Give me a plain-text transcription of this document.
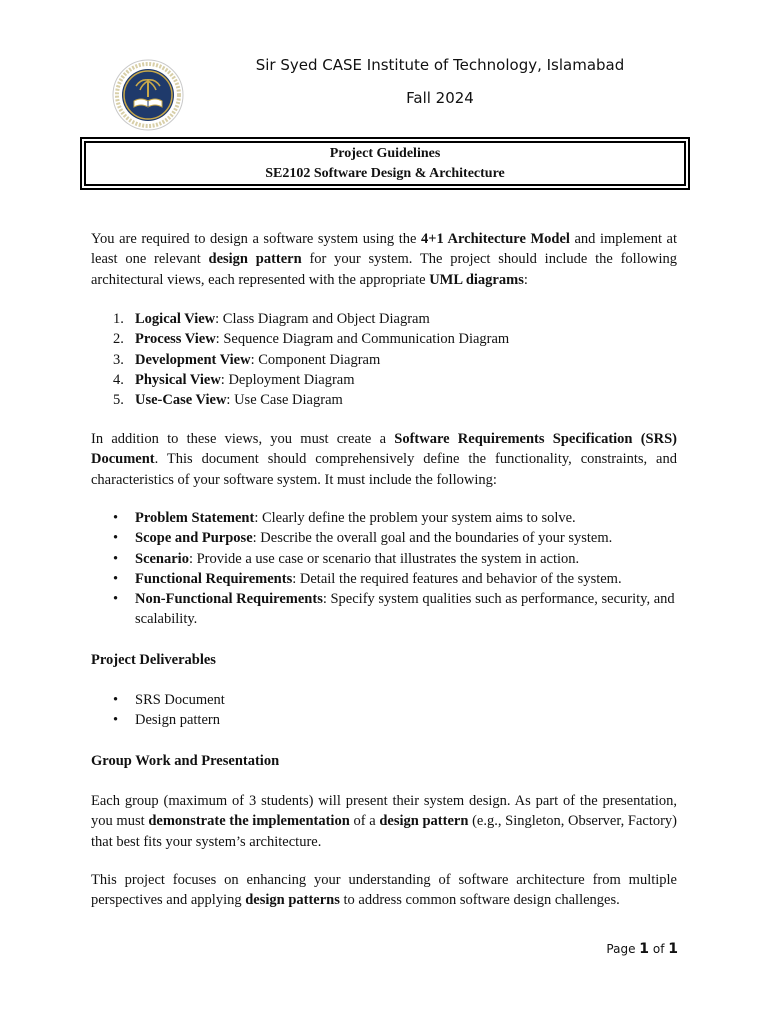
Sir Syed CASE Institute of Technology, Islamabad
Fall 2024
Project Guidelines
SE2102 Software Design & Architecture

You are required to design a software system using the 4+1 Architecture Model and implement at least one relevant design pattern for your system. The project should include the following architectural views, each represented with the appropriate UML diagrams:

1. Logical View: Class Diagram and Object Diagram
2. Process View: Sequence Diagram and Communication Diagram
3. Development View: Component Diagram
4. Physical View: Deployment Diagram
5. Use-Case View: Use Case Diagram

In addition to these views, you must create a Software Requirements Specification (SRS) Document. This document should comprehensively define the functionality, constraints, and characteristics of your software system. It must include the following:

• Problem Statement: Clearly define the problem your system aims to solve.
• Scope and Purpose: Describe the overall goal and the boundaries of your system.
• Scenario: Provide a use case or scenario that illustrates the system in action.
• Functional Requirements: Detail the required features and behavior of the system.
• Non-Functional Requirements: Specify system qualities such as performance, security, and scalability.
Project Deliverables
• SRS Document
• Design pattern
Group Work and Presentation

Each group (maximum of 3 students) will present their system design. As part of the presentation, you must demonstrate the implementation of a design pattern (e.g., Singleton, Observer, Factory) that best fits your system’s architecture.

This project focuses on enhancing your understanding of software architecture from multiple perspectives and applying design patterns to address common software design challenges.

Page 1 of 1
